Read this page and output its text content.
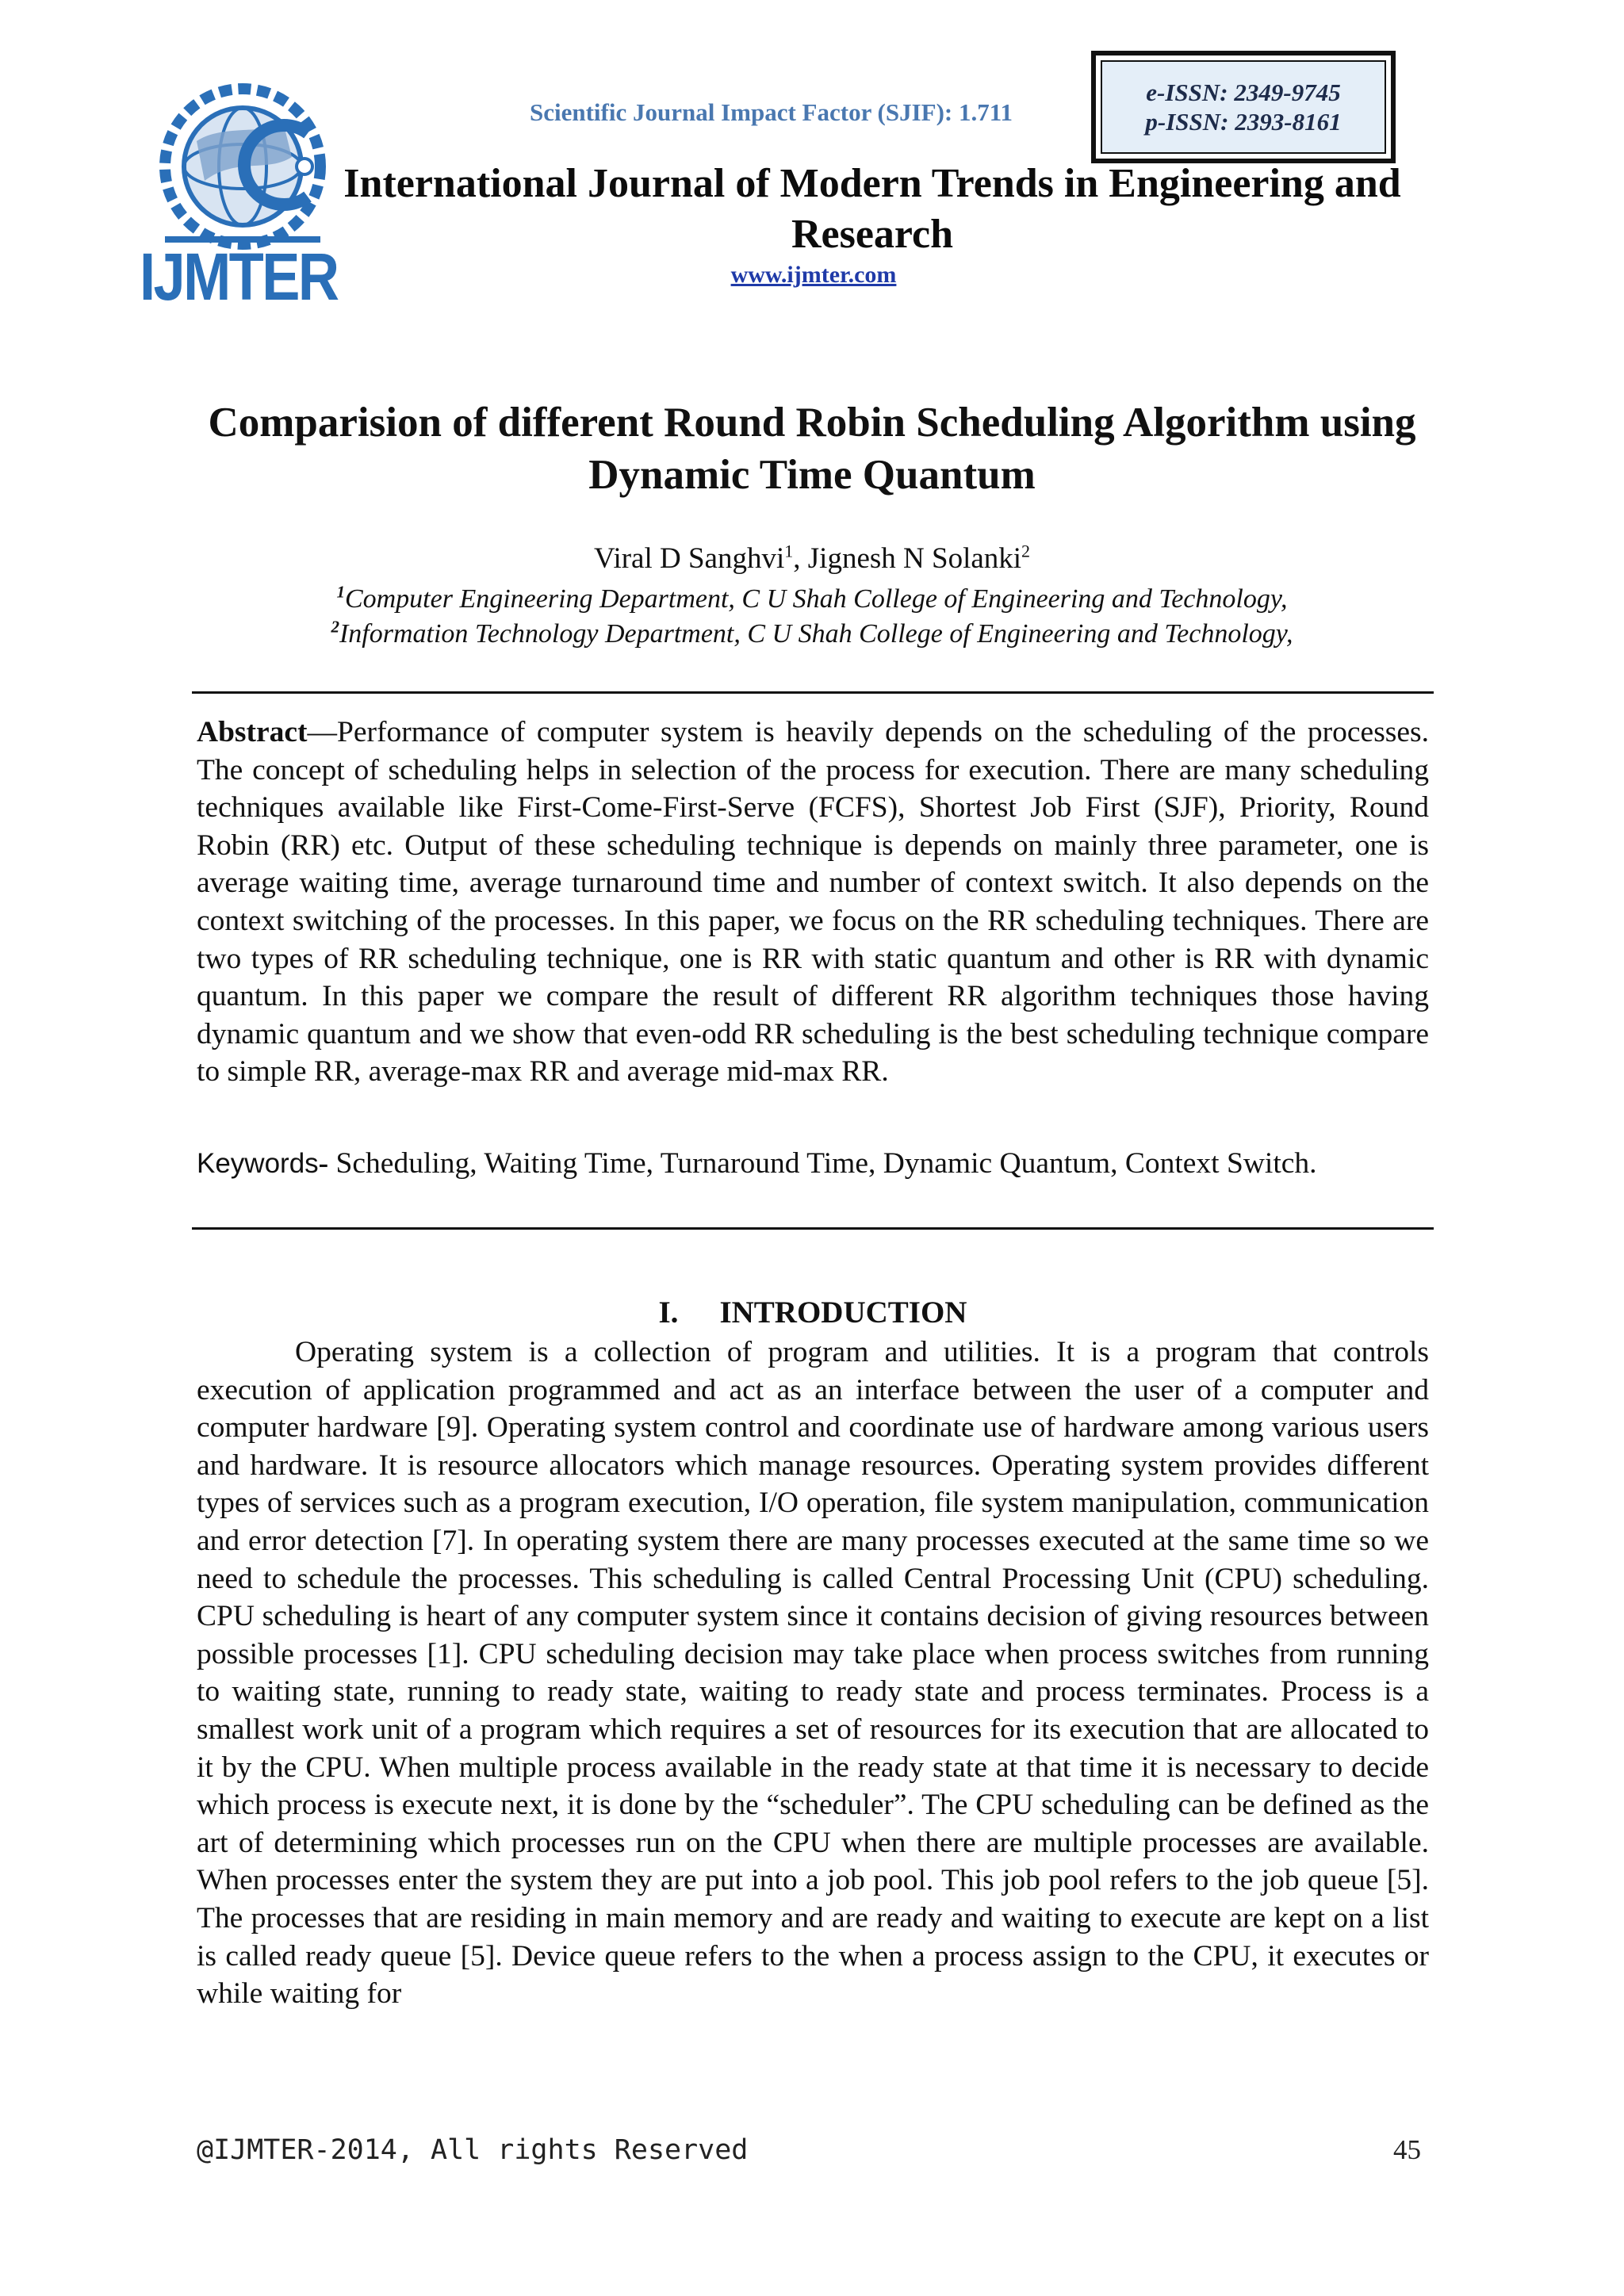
IJMTER
Scientific Journal Impact Factor (SJIF): 1.711
e-ISSN: 2349-9745
p-ISSN: 2393-8161
International Journal of Modern Trends in Engineering and Research
www.ijmter.com
Comparision of different Round Robin Scheduling Algorithm using Dynamic Time Quantum
Viral D Sanghvi$^1$, Jignesh N Solanki$^2$
$^1$Computer Engineering Department, C U Shah College of Engineering and Technology,
$^2$Information Technology Department, C U Shah College of Engineering and Technology,
Abstract—Performance of computer system is heavily depends on the scheduling of the processes. The concept of scheduling helps in selection of the process for execution. There are many scheduling techniques available like First-Come-First-Serve (FCFS), Shortest Job First (SJF), Priority, Round Robin (RR) etc. Output of these scheduling technique is depends on mainly three parameter, one is average waiting time, average turnaround time and number of context switch. It also depends on the context switching of the processes. In this paper, we focus on the RR scheduling techniques. There are two types of RR scheduling technique, one is RR with static quantum and other is RR with dynamic quantum. In this paper we compare the result of different RR algorithm techniques those having dynamic quantum and we show that even-odd RR scheduling is the best scheduling technique compare to simple RR, average-max RR and average mid-max RR.
Keywords- Scheduling, Waiting Time, Turnaround Time, Dynamic Quantum, Context Switch.
I. INTRODUCTION
Operating system is a collection of program and utilities. It is a program that controls execution of application programmed and act as an interface between the user of a computer and computer hardware [9]. Operating system control and coordinate use of hardware among various users and hardware. It is resource allocators which manage resources. Operating system provides different types of services such as a program execution, I/O operation, file system manipulation, communication and error detection [7]. In operating system there are many processes executed at the same time so we need to schedule the processes. This scheduling is called Central Processing Unit (CPU) scheduling. CPU scheduling is heart of any computer system since it contains decision of giving resources between possible processes [1]. CPU scheduling decision may take place when process switches from running to waiting state, running to ready state, waiting to ready state and process terminates. Process is a smallest work unit of a program which requires a set of resources for its execution that are allocated to it by the CPU. When multiple process available in the ready state at that time it is necessary to decide which process is execute next, it is done by the “scheduler”. The CPU scheduling can be defined as the art of determining which processes run on the CPU when there are multiple processes are available. When processes enter the system they are put into a job pool. This job pool refers to the job queue [5]. The processes that are residing in main memory and are ready and waiting to execute are kept on a list is called ready queue [5]. Device queue refers to the when a process assign to the CPU, it executes or while waiting for
@IJMTER-2014, All rights Reserved	45
